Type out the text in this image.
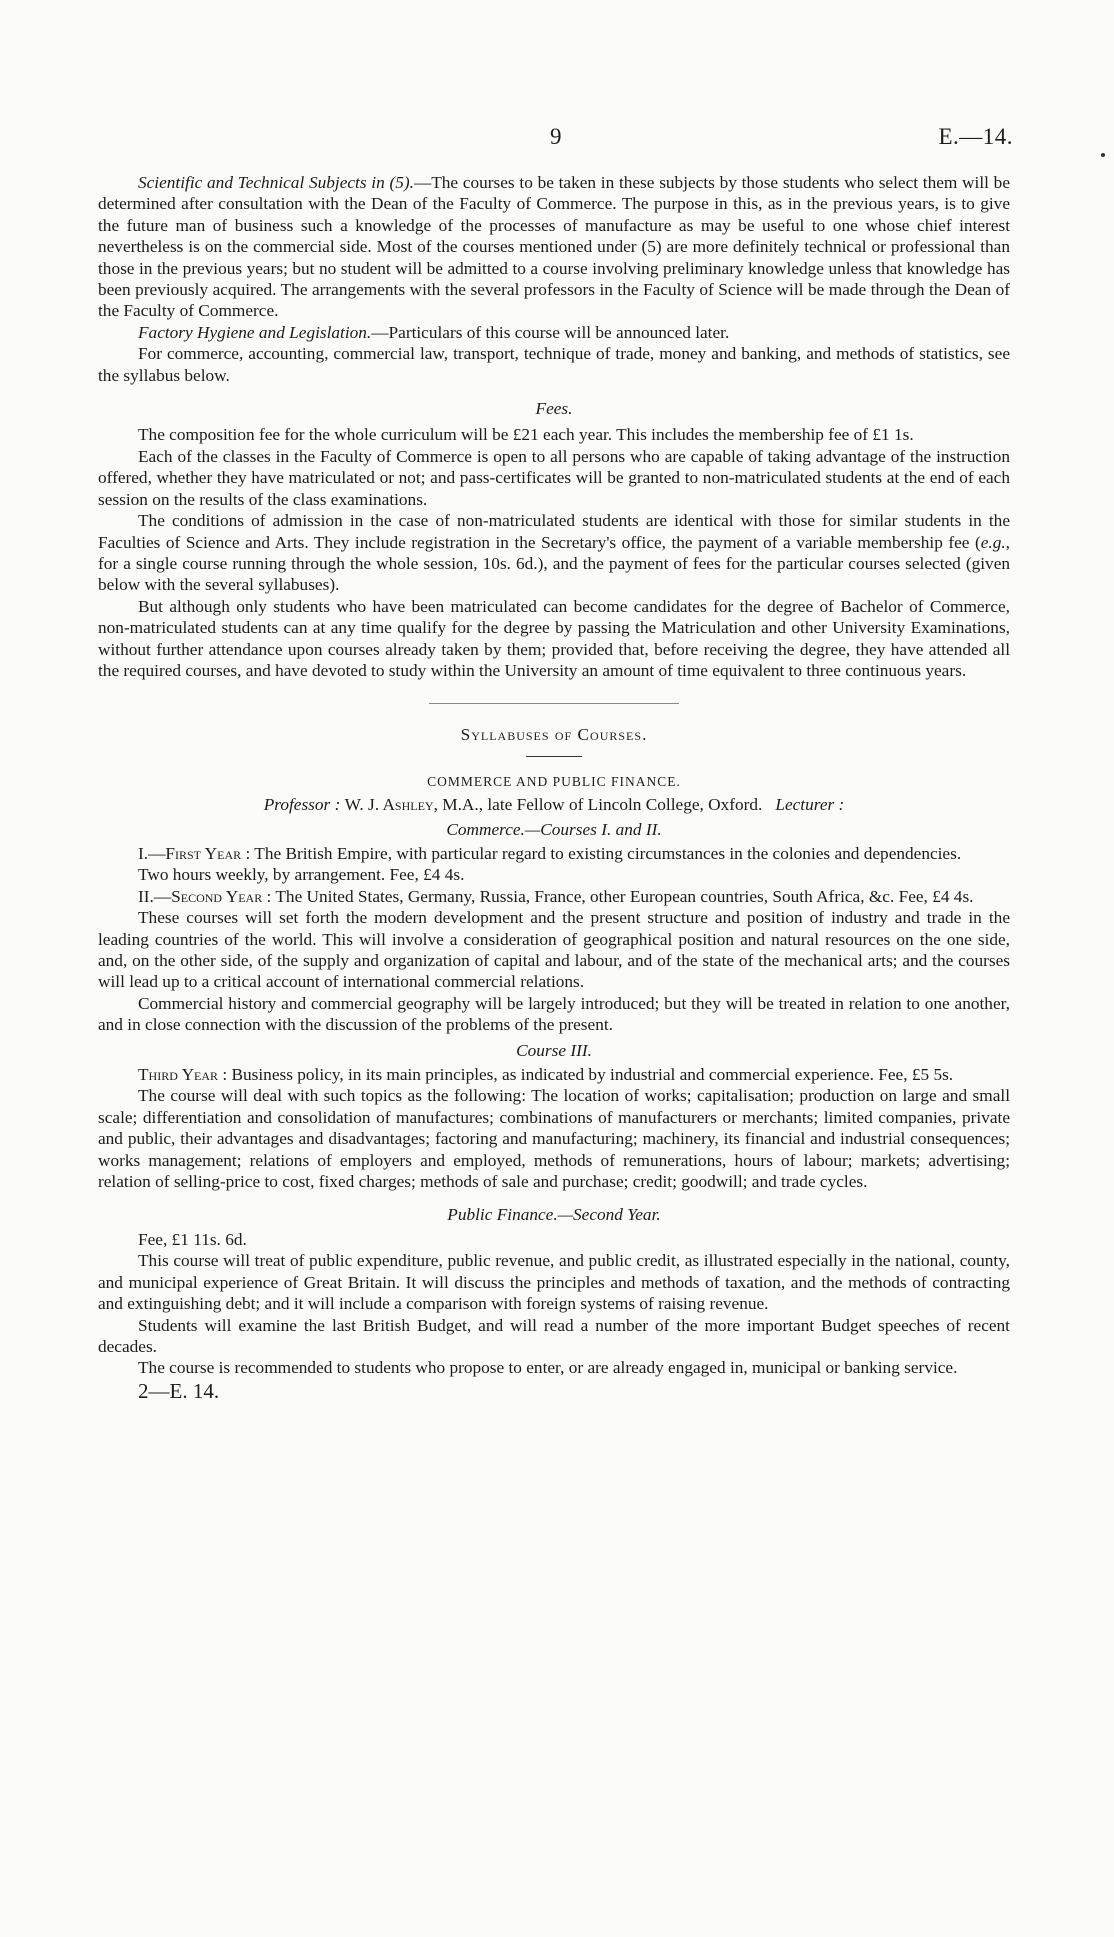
9	E.—14.

Scientific and Technical Subjects in (5).—The courses to be taken in these subjects by those students who select them will be determined after consultation with the Dean of the Faculty of Commerce. The purpose in this, as in the previous years, is to give the future man of business such a knowledge of the processes of manufacture as may be useful to one whose chief interest nevertheless is on the commercial side. Most of the courses mentioned under (5) are more definitely technical or professional than those in the previous years; but no student will be admitted to a course involving preliminary knowledge unless that knowledge has been previously acquired. The arrangements with the several professors in the Faculty of Science will be made through the Dean of the Faculty of Commerce.

Factory Hygiene and Legislation.—Particulars of this course will be announced later.

For commerce, accounting, commercial law, transport, technique of trade, money and banking, and methods of statistics, see the syllabus below.

Fees.

The composition fee for the whole curriculum will be £21 each year. This includes the membership fee of £1 1s.

Each of the classes in the Faculty of Commerce is open to all persons who are capable of taking advantage of the instruction offered, whether they have matriculated or not; and pass-certificates will be granted to non-matriculated students at the end of each session on the results of the class examinations.

The conditions of admission in the case of non-matriculated students are identical with those for similar students in the Faculties of Science and Arts. They include registration in the Secretary's office, the payment of a variable membership fee (e.g., for a single course running through the whole session, 10s. 6d.), and the payment of fees for the particular courses selected (given below with the several syllabuses).

But although only students who have been matriculated can become candidates for the degree of Bachelor of Commerce, non-matriculated students can at any time qualify for the degree by passing the Matriculation and other University Examinations, without further attendance upon courses already taken by them; provided that, before receiving the degree, they have attended all the required courses, and have devoted to study within the University an amount of time equivalent to three continuous years.

Syllabuses of Courses.

COMMERCE AND PUBLIC FINANCE.

Professor : W. J. Ashley, M.A., late Fellow of Lincoln College, Oxford. Lecturer :

Commerce.—Courses I. and II.

I.—First Year : The British Empire, with particular regard to existing circumstances in the colonies and dependencies.

Two hours weekly, by arrangement. Fee, £4 4s.

II.—Second Year : The United States, Germany, Russia, France, other European countries, South Africa, &c. Fee, £4 4s.

These courses will set forth the modern development and the present structure and position of industry and trade in the leading countries of the world. This will involve a consideration of geographical position and natural resources on the one side, and, on the other side, of the supply and organization of capital and labour, and of the state of the mechanical arts; and the courses will lead up to a critical account of international commercial relations.

Commercial history and commercial geography will be largely introduced; but they will be treated in relation to one another, and in close connection with the discussion of the problems of the present.

Course III.

Third Year : Business policy, in its main principles, as indicated by industrial and commercial experience. Fee, £5 5s.

The course will deal with such topics as the following: The location of works; capitalisation; production on large and small scale; differentiation and consolidation of manufactures; combinations of manufacturers or merchants; limited companies, private and public, their advantages and disadvantages; factoring and manufacturing; machinery, its financial and industrial consequences; works management; relations of employers and employed, methods of remunerations, hours of labour; markets; advertising; relation of selling-price to cost, fixed charges; methods of sale and purchase; credit; goodwill; and trade cycles.

Public Finance.—Second Year.

Fee, £1 11s. 6d.

This course will treat of public expenditure, public revenue, and public credit, as illustrated especially in the national, county, and municipal experience of Great Britain. It will discuss the principles and methods of taxation, and the methods of contracting and extinguishing debt; and it will include a comparison with foreign systems of raising revenue.

Students will examine the last British Budget, and will read a number of the more important Budget speeches of recent decades.

The course is recommended to students who propose to enter, or are already engaged in, municipal or banking service.

2—E. 14.
